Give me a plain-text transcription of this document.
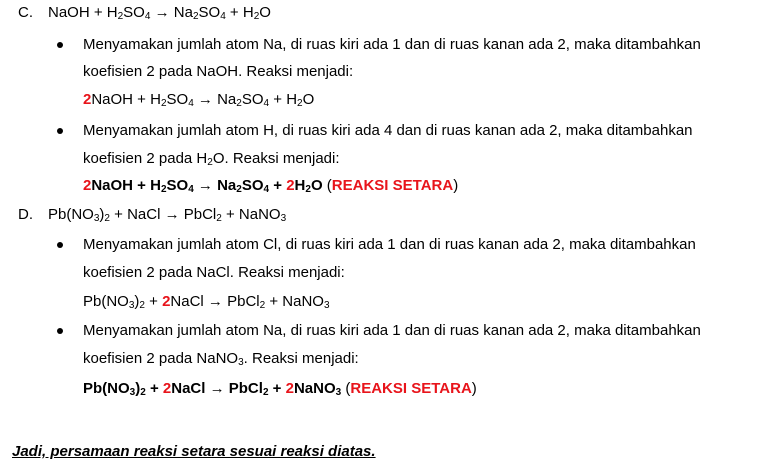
C. NaOH + $H_2SO_4 \to Na_2SO_4 + H_2O$
Menyamakan jumlah atom Na, di ruas kiri ada 1 dan di ruas kanan ada 2, maka ditambahkan
koefisien 2 pada NaOH. Reaksi menjadi:
2NaOH + $H_2SO_4 \to Na_2SO_4 + H_2O$
Menyamakan jumlah atom H, di ruas kiri ada 4 dan di ruas kanan ada 2, maka ditambahkan
koefisien 2 pada $H_2O$. Reaksi menjadi:
2NaOH + $H_2SO_4 \to Na_2SO_4 + 2H_2O$ (REAKSI SETARA)
D. $Pb(NO_3)_2$ + NaCl → PbCl$_2$ + NaNO$_3$
Menyamakan jumlah atom Cl, di ruas kiri ada 1 dan di ruas kanan ada 2, maka ditambahkan
koefisien 2 pada NaCl. Reaksi menjadi:
$Pb(NO_3)_2$ + 2NaCl → PbCl$_2$ + NaNO$_3$
Menyamakan jumlah atom Na, di ruas kiri ada 1 dan di ruas kanan ada 2, maka ditambahkan
koefisien 2 pada NaNO$_3$. Reaksi menjadi:
$Pb(NO_3)_2$ + 2NaCl → PbCl$_2$ + 2NaNO$_3$ (REAKSI SETARA)
Jadi, persamaan reaksi setara sesuai reaksi diatas.
